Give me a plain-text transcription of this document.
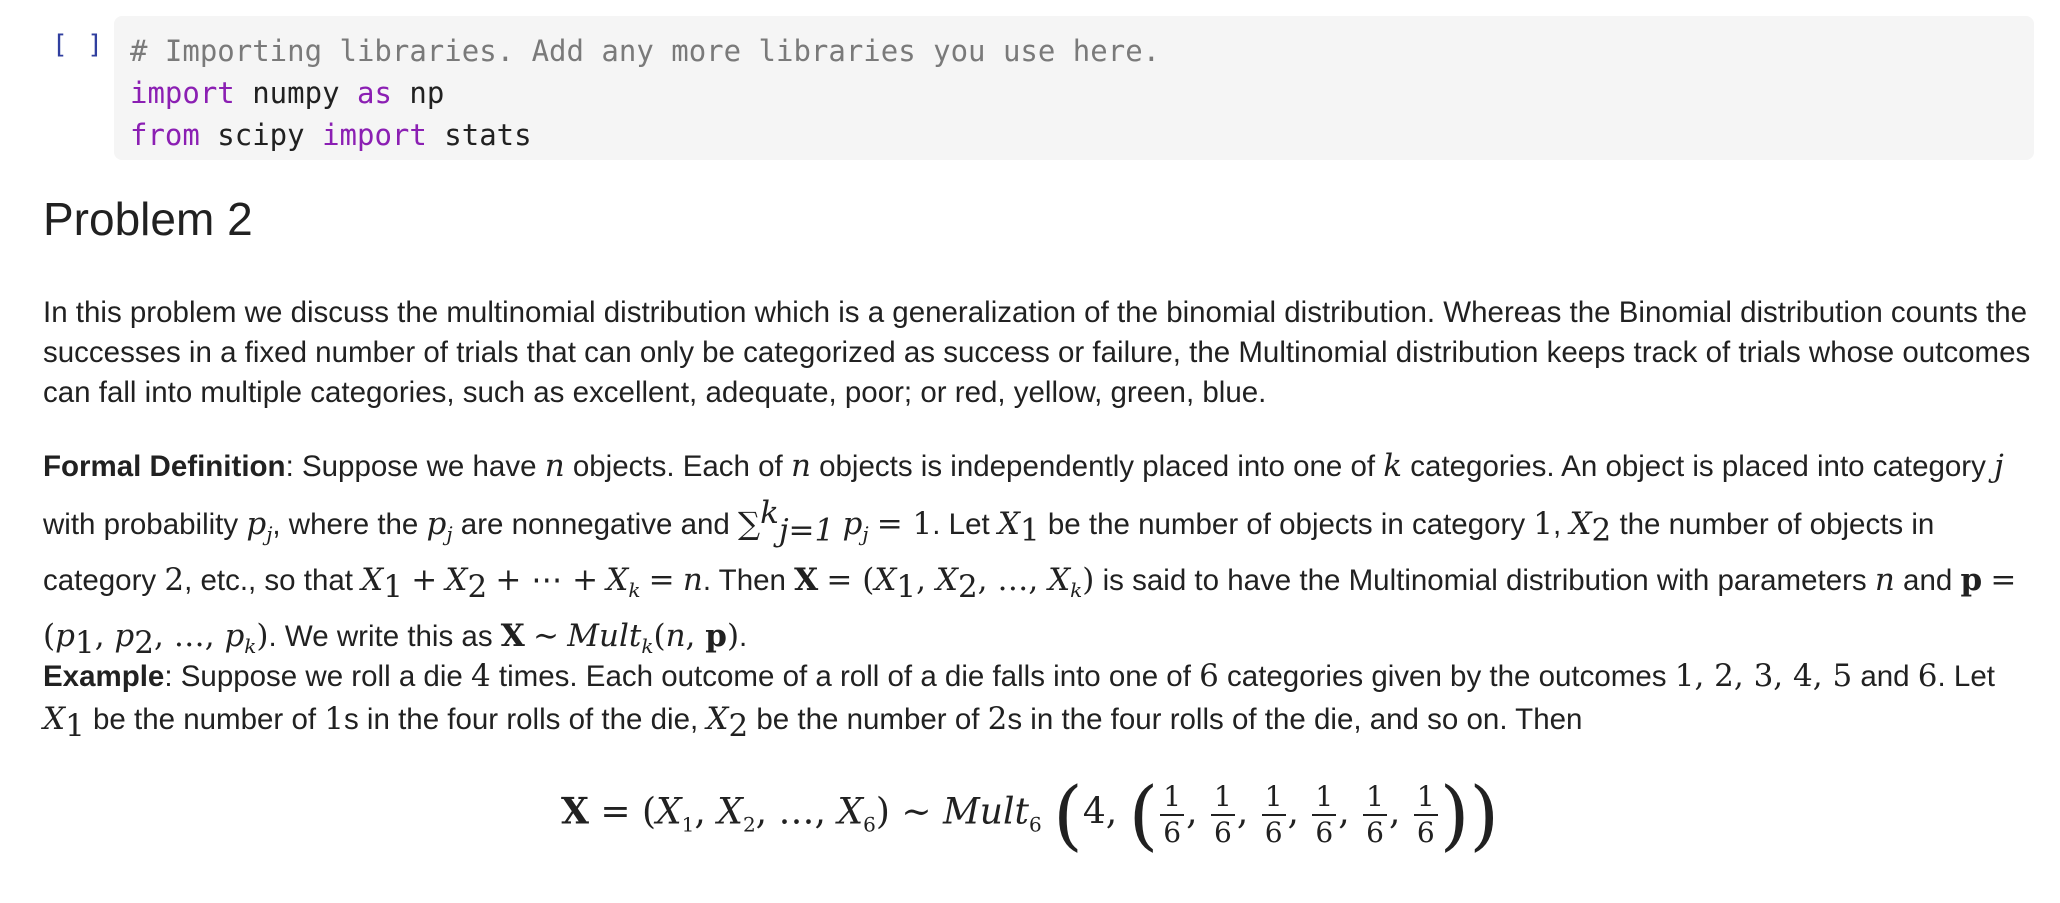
[ ] # Importing libraries. Add any more libraries you use here.
import numpy as np
from scipy import stats
Problem 2
In this problem we discuss the multinomial distribution which is a generalization of the binomial distribution. Whereas the Binomial distribution counts the successes in a fixed number of trials that can only be categorized as success or failure, the Multinomial distribution keeps track of trials whose outcomes can fall into multiple categories, such as excellent, adequate, poor; or red, yellow, green, blue.
Formal Definition: Suppose we have n objects. Each of n objects is independently placed into one of k categories. An object is placed into category j with probability $p_j$, where the $p_j$ are nonnegative and ∑$^k_{j=1}$ $p_j = 1$. Let $X_1$ be the number of objects in category 1, $X_2$ the number of objects in category 2, etc., so that $X_1 + X_2$ + ⋯ + $X_k = n$. Then $X = (X_1$, $X_2$, …, $X_k$) is said to have the Multinomial distribution with parameters n and $p = (p_1$, $p_2$, …, $p_k$). We write this as X ∼ Mult$_k$(n, p).
Example: Suppose we roll a die 4 times. Each outcome of a roll of a die falls into one of 6 categories given by the outcomes 1, 2, 3, 4, 5 and 6. Let $X_1$ be the number of 1s in the four rolls of the die, $X_2$ be the number of 2s in the four rolls of the die, and so on. Then
$X = (X_1$, $X_2$, …, $X_6$) ∼ Mult$_6$ (4, ( $\frac{1}{6}$ , $\frac{1}{6}$ , $\frac{1}{6}$ , $\frac{1}{6}$ , $\frac{1}{6}$ , $\frac{1}{6}$ ))
